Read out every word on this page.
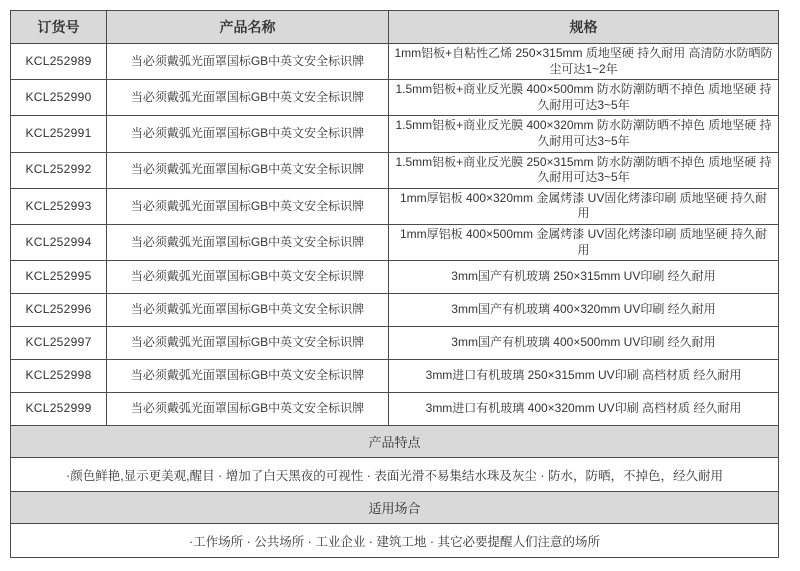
订货号	产品名称	规格
KCL252989	当必须戴弧光面罩国标GB中英文安全标识牌	1mm铝板+自粘性乙烯 250×315mm 质地坚硬 持久耐用 高清防水防晒防尘可达1~2年
KCL252990	当必须戴弧光面罩国标GB中英文安全标识牌	1.5mm铝板+商业反光膜 400×500mm 防水防潮防晒不掉色 质地坚硬 持久耐用可达3~5年
KCL252991	当必须戴弧光面罩国标GB中英文安全标识牌	1.5mm铝板+商业反光膜 400×320mm 防水防潮防晒不掉色 质地坚硬 持久耐用可达3~5年
KCL252992	当必须戴弧光面罩国标GB中英文安全标识牌	1.5mm铝板+商业反光膜 250×315mm 防水防潮防晒不掉色 质地坚硬 持久耐用可达3~5年
KCL252993	当必须戴弧光面罩国标GB中英文安全标识牌	1mm厚铝板 400×320mm 金属烤漆 UV固化烤漆印刷 质地坚硬 持久耐用
KCL252994	当必须戴弧光面罩国标GB中英文安全标识牌	1mm厚铝板 400×500mm 金属烤漆 UV固化烤漆印刷 质地坚硬 持久耐用
KCL252995	当必须戴弧光面罩国标GB中英文安全标识牌	3mm国产有机玻璃 250×315mm UV印刷 经久耐用
KCL252996	当必须戴弧光面罩国标GB中英文安全标识牌	3mm国产有机玻璃 400×320mm UV印刷 经久耐用
KCL252997	当必须戴弧光面罩国标GB中英文安全标识牌	3mm国产有机玻璃 400×500mm UV印刷 经久耐用
KCL252998	当必须戴弧光面罩国标GB中英文安全标识牌	3mm进口有机玻璃 250×315mm UV印刷 高档材质 经久耐用
KCL252999	当必须戴弧光面罩国标GB中英文安全标识牌	3mm进口有机玻璃 400×320mm UV印刷 高档材质 经久耐用
产品特点		
·颜色鲜艳,显示更美观,醒目 · 增加了白天黑夜的可视性 · 表面光滑不易集结水珠及灰尘 · 防水，防晒，不掉色，经久耐用		
适用场合		
·工作场所 · 公共场所 · 工业企业 · 建筑工地 · 其它必要提醒人们注意的场所		
